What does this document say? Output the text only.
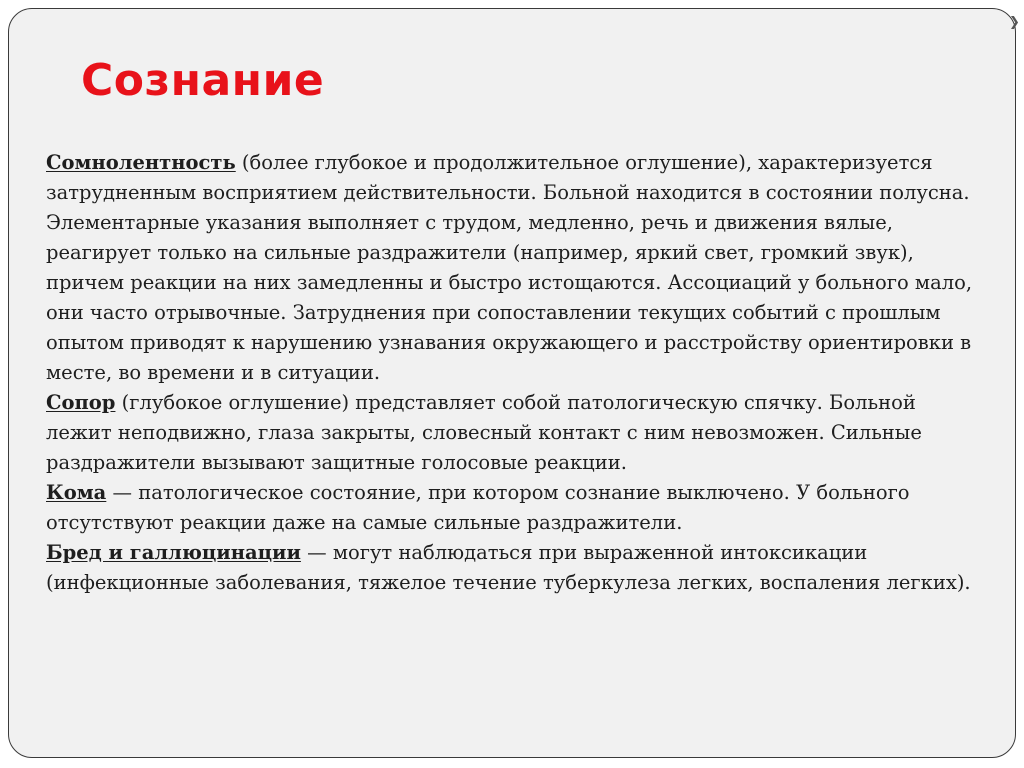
❯
Сознание

Сомнолентность (более глубокое и продолжительное оглушение), характеризуется затрудненным восприятием действительности. Больной находится в состоянии полусна. Элементарные указания выполняет с трудом, медленно, речь и движения вялые, реагирует только на сильные раздражители (например, яркий свет, громкий звук), причем реакции на них замедленны и быстро истощаются. Ассоциаций у больного мало, они часто отрывочные. Затруднения при сопоставлении текущих событий с прошлым опытом приводят к нарушению узнавания окружающего и расстройству ориентировки в месте, во времени и в ситуации.

Сопор (глубокое оглушение) представляет собой патологическую спячку. Больной лежит неподвижно, глаза закрыты, словесный контакт с ним невозможен. Сильные раздражители вызывают защитные голосовые реакции.

Кома — патологическое состояние, при котором сознание выключено. У больного отсутствуют реакции даже на самые сильные раздражители.

Бред и галлюцинации — могут наблюдаться при выраженной интоксикации (инфекционные заболевания, тяжелое течение туберкулеза легких, воспаления легких).
